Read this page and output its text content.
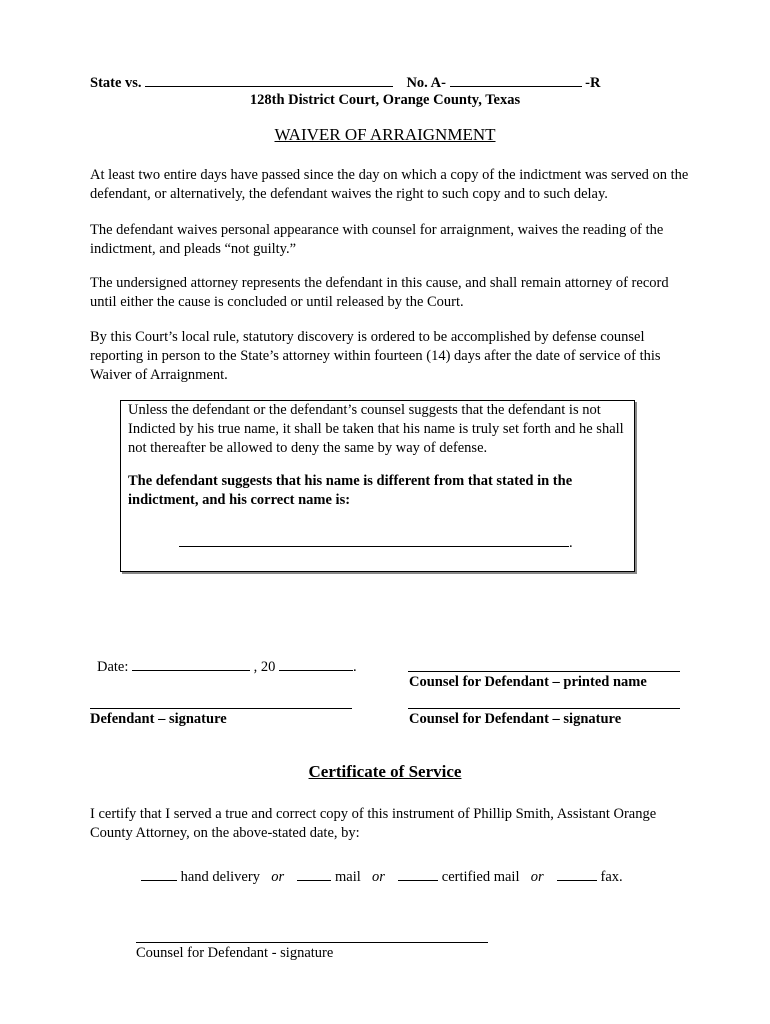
State vs.	No. A-	-R
128th District Court, Orange County, Texas
WAIVER OF ARRAIGNMENT

At least two entire days have passed since the day on which a copy of the indictment was served on the defendant, or alternatively, the defendant waives the right to such copy and to such delay.

The defendant waives personal appearance with counsel for arraignment, waives the reading of the indictment, and pleads “not guilty.”

The undersigned attorney represents the defendant in this cause, and shall remain attorney of record until either the cause is concluded or until released by the Court.

By this Court’s local rule, statutory discovery is ordered to be accomplished by defense counsel reporting in person to the State’s attorney within fourteen (14) days after the date of service of this Waiver of Arraignment.

Unless the defendant or the defendant’s counsel suggests that the defendant is not Indicted by his true name, it shall be taken that his name is truly set forth and he shall not thereafter be allowed to deny the same by way of defense.

The defendant suggests that his name is different from that stated in the indictment, and his correct name is:

.
Date:	, 20	.
Counsel for Defendant – printed name
Defendant – signature	Counsel for Defendant – signature
Certificate of Service

I certify that I served a true and correct copy of this instrument of Phillip Smith, Assistant Orange County Attorney, on the above-stated date, by:

hand delivery or	mail or	certified mail or	fax.
Counsel for Defendant - signature
